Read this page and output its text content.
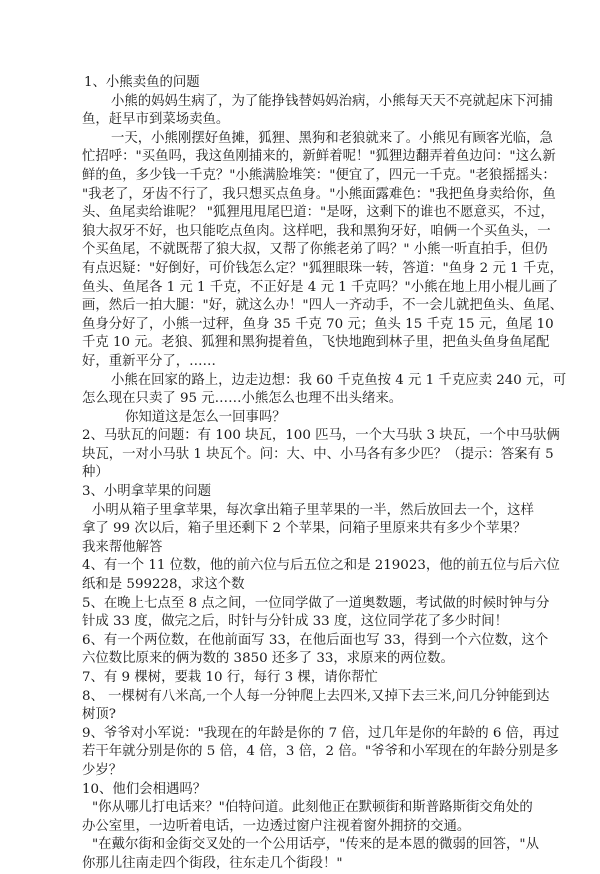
1、小熊卖鱼的问题
小熊的妈妈生病了，为了能挣钱替妈妈治病，小熊每天天不亮就起床下河捕
鱼，赶早市到菜场卖鱼。
一天，小熊刚摆好鱼摊，狐狸、黑狗和老狼就来了。小熊见有顾客光临，急
忙招呼："买鱼吗，我这鱼刚捕来的，新鲜着呢！"狐狸边翻弄着鱼边问："这么新
鲜的鱼，多少钱一千克？"小熊满脸堆笑："便宜了，四元一千克。"老狼摇摇头：
"我老了，牙齿不行了，我只想买点鱼身。"小熊面露难色："我把鱼身卖给你，鱼
头、鱼尾卖给谁呢？ "狐狸甩甩尾巴道："是呀，这剩下的谁也不愿意买，不过，
狼大叔牙不好，也只能吃点鱼肉。这样吧，我和黑狗牙好，咱俩一个买鱼头，一
个买鱼尾，不就既帮了狼大叔，又帮了你熊老弟了吗？" 小熊一听直拍手，但仍
有点迟疑："好倒好，可价钱怎么定？"狐狸眼珠一转，答道："鱼身 2 元 1 千克，
鱼头、鱼尾各 1 元 1 千克，不正好是 4 元 1 千克吗？"小熊在地上用小棍儿画了
画，然后一拍大腿："好，就这么办！"四人一齐动手，不一会儿就把鱼头、鱼尾、
鱼身分好了，小熊一过秤，鱼身 35 千克 70 元；鱼头 15 千克 15 元，鱼尾 10
千克 10 元。老狼、狐狸和黑狗提着鱼，飞快地跑到林子里，把鱼头鱼身鱼尾配
好，重新平分了，……
小熊在回家的路上，边走边想：我 60 千克鱼按 4 元 1 千克应卖 240 元，可
怎么现在只卖了 95 元……小熊怎么也理不出头绪来。
你知道这是怎么一回事吗？
2、马驮瓦的问题：有 100 块瓦，100 匹马，一个大马驮 3 块瓦，一个中马驮俩
块瓦，一对小马驮 1 块瓦个。问：大、中、小马各有多少匹？（提示：答案有 5
种）
3、小明拿苹果的问题
小明从箱子里拿苹果，每次拿出箱子里苹果的一半，然后放回去一个，这样
拿了 99 次以后，箱子里还剩下 2 个苹果，问箱子里原来共有多少个苹果？
我来帮他解答
4、有一个 11 位数，他的前六位与后五位之和是 219023，他的前五位与后六位
纸和是 599228，求这个数
5、在晚上七点至 8 点之间，一位同学做了一道奥数题，考试做的时候时钟与分
针成 33 度，做完之后，时针与分针成 33 度，这位同学花了多少时间！
6、有一个两位数，在他前面写 33，在他后面也写 33，得到一个六位数，这个
六位数比原来的俩为数的 3850 还多了 33，求原来的两位数。
7、有 9 棵树，要栽 10 行，每行 3 棵，请你帮忙
8、 一棵树有八米高,一个人每一分钟爬上去四米,又掉下去三米,问几分钟能到达
树顶?
9、爷爷对小军说："我现在的年龄是你的 7 倍，过几年是你的年龄的 6 倍，再过
若干年就分别是你的 5 倍，4 倍，3 倍，2 倍。"爷爷和小军现在的年龄分别是多
少岁？
10、他们会相遇吗？
"你从哪儿打电话来？"伯特问道。此刻他正在默顿街和斯普路斯街交角处的
办公室里，一边听着电话，一边透过窗户注视着窗外拥挤的交通。
"在戴尔街和金街交叉处的一个公用话亭，"传来的是本恩的微弱的回答，"从
你那儿往南走四个街段，往东走几个街段！"
